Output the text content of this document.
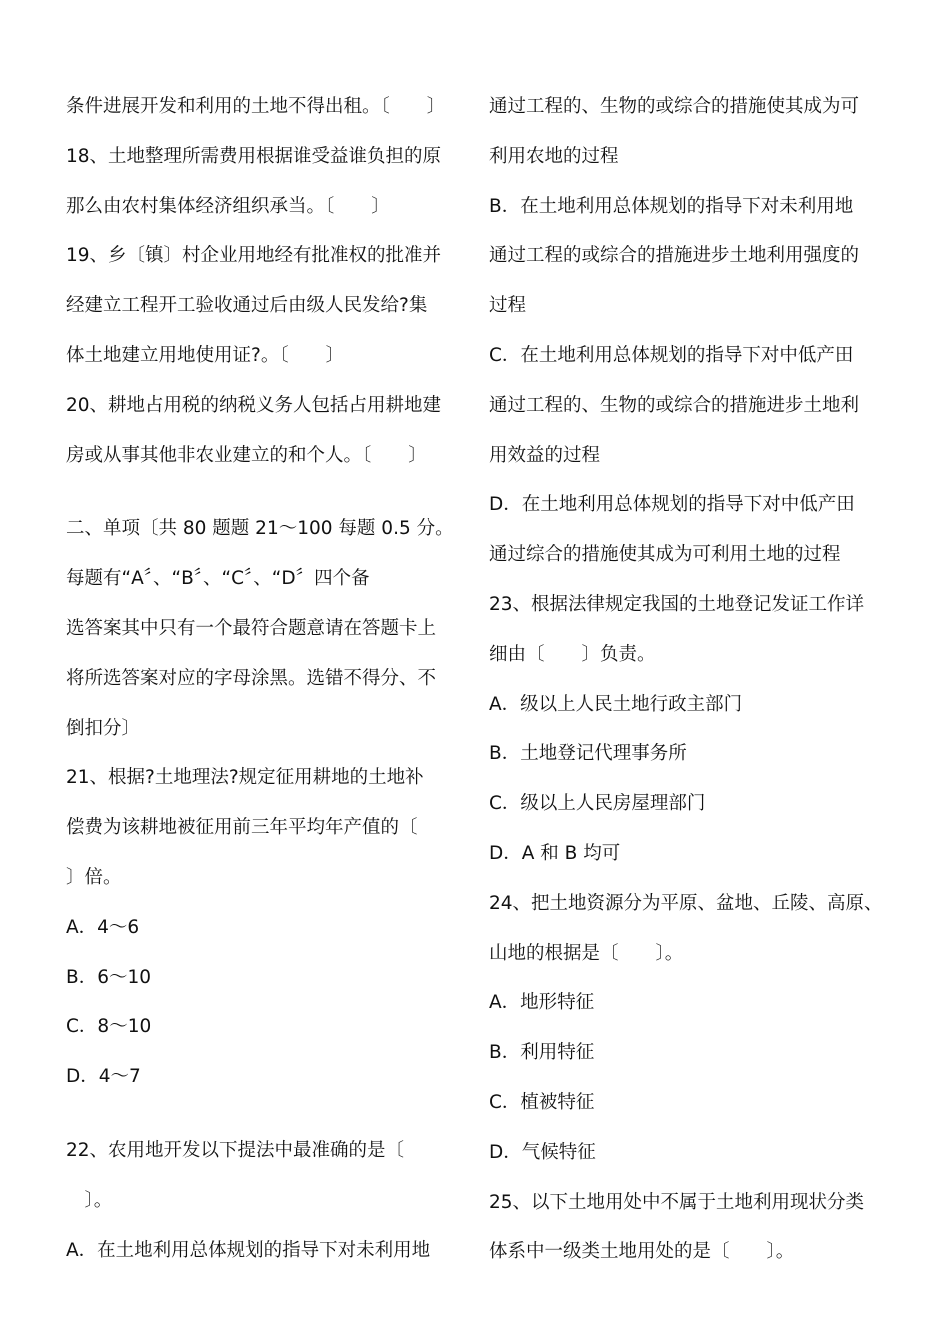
条件进展开发和利用的土地不得出租。〔　　〕
18、土地整理所需费用根据谁受益谁负担的原
那么由农村集体经济组织承当。〔　　〕
19、乡〔镇〕村企业用地经有批准权的批准并
经建立工程开工验收通过后由级人民发给?集
体土地建立用地使用证?。〔　　〕
20、耕地占用税的纳税义务人包括占用耕地建
房或从事其他非农业建立的和个人。〔　　〕
二、单项〔共 80 题题 21～100 每题 0.5 分。
每题有“A〞、“B〞、“C〞、“D〞四个备
选答案其中只有一个最符合题意请在答题卡上
将所选答案对应的字母涂黑。选错不得分、不
倒扣分〕
21、根据?土地理法?规定征用耕地的土地补
偿费为该耕地被征用前三年平均年产值的〔
〕倍。
A．4～6
B．6～10
C．8～10
D．4～7
22、农用地开发以下提法中最准确的是〔
　〕。
A．在土地利用总体规划的指导下对未利用地
通过工程的、生物的或综合的措施使其成为可
利用农地的过程
B．在土地利用总体规划的指导下对未利用地
通过工程的或综合的措施进步土地利用强度的
过程
C．在土地利用总体规划的指导下对中低产田
通过工程的、生物的或综合的措施进步土地利
用效益的过程
D．在土地利用总体规划的指导下对中低产田
通过综合的措施使其成为可利用土地的过程
23、根据法律规定我国的土地登记发证工作详
细由〔　　〕负责。
A．级以上人民土地行政主部门
B．土地登记代理事务所
C．级以上人民房屋理部门
D．A 和 B 均可
24、把土地资源分为平原、盆地、丘陵、高原、
山地的根据是〔　　〕。
A．地形特征
B．利用特征
C．植被特征
D．气候特征
25、以下土地用处中不属于土地利用现状分类
体系中一级类土地用处的是〔　　〕。
